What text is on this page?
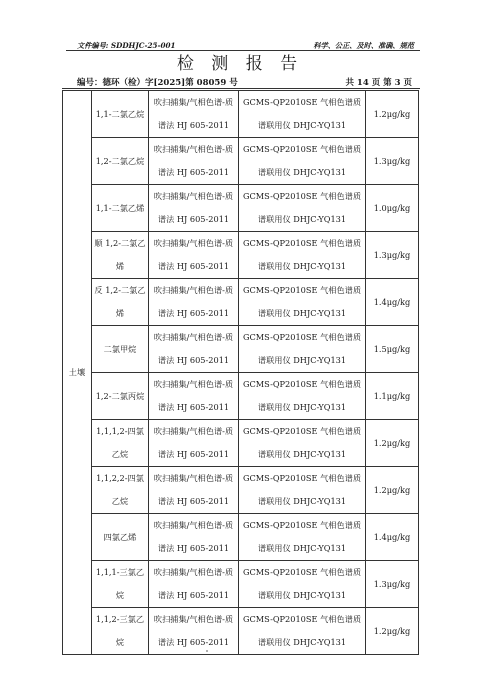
文件编号: SDDHJC-25-001	科学、公正、及时、准确、规范
检 测 报 告
编号：德环（检）字[2025]第 08059 号	共 14 页 第 3 页
土壤	1,1-二氯乙烷	吹扫捕集/气相色谱-质谱法 HJ 605-2011	GCMS-QP2010SE 气相色谱质谱联用仪 DHJC-YQ131	1.2μg/kg
	1,2-二氯乙烷	吹扫捕集/气相色谱-质谱法 HJ 605-2011	GCMS-QP2010SE 气相色谱质谱联用仪 DHJC-YQ131	1.3μg/kg
	1,1-二氯乙烯	吹扫捕集/气相色谱-质谱法 HJ 605-2011	GCMS-QP2010SE 气相色谱质谱联用仪 DHJC-YQ131	1.0μg/kg
	顺 1,2-二氯乙烯	吹扫捕集/气相色谱-质谱法 HJ 605-2011	GCMS-QP2010SE 气相色谱质谱联用仪 DHJC-YQ131	1.3μg/kg
	反 1,2-二氯乙烯	吹扫捕集/气相色谱-质谱法 HJ 605-2011	GCMS-QP2010SE 气相色谱质谱联用仪 DHJC-YQ131	1.4μg/kg
	二氯甲烷	吹扫捕集/气相色谱-质谱法 HJ 605-2011	GCMS-QP2010SE 气相色谱质谱联用仪 DHJC-YQ131	1.5μg/kg
	1,2-二氯丙烷	吹扫捕集/气相色谱-质谱法 HJ 605-2011	GCMS-QP2010SE 气相色谱质谱联用仪 DHJC-YQ131	1.1μg/kg
	1,1,1,2-四氯乙烷	吹扫捕集/气相色谱-质谱法 HJ 605-2011	GCMS-QP2010SE 气相色谱质谱联用仪 DHJC-YQ131	1.2μg/kg
	1,1,2,2-四氯乙烷	吹扫捕集/气相色谱-质谱法 HJ 605-2011	GCMS-QP2010SE 气相色谱质谱联用仪 DHJC-YQ131	1.2μg/kg
	四氯乙烯	吹扫捕集/气相色谱-质谱法 HJ 605-2011	GCMS-QP2010SE 气相色谱质谱联用仪 DHJC-YQ131	1.4μg/kg
	1,1,1-三氯乙烷	吹扫捕集/气相色谱-质谱法 HJ 605-2011	GCMS-QP2010SE 气相色谱质谱联用仪 DHJC-YQ131	1.3μg/kg
	1,1,2-三氯乙烷	吹扫捕集/气相色谱-质谱法 HJ 605-2011	GCMS-QP2010SE 气相色谱质谱联用仪 DHJC-YQ131	1.2μg/kg
